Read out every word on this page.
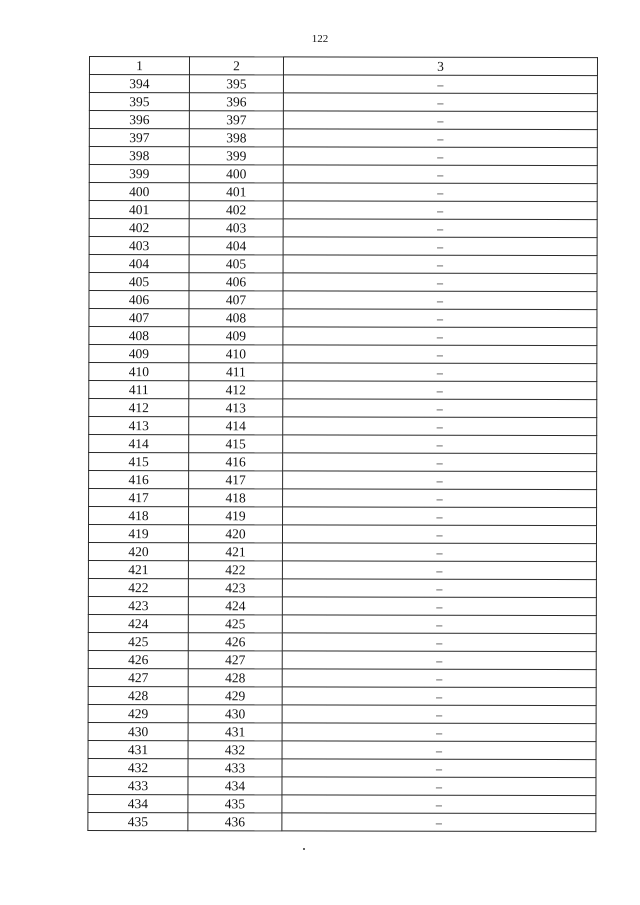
122
1	2	3
394	395	–
395	396	–
396	397	–
397	398	–
398	399	–
399	400	–
400	401	–
401	402	–
402	403	–
403	404	–
404	405	–
405	406	–
406	407	–
407	408	–
408	409	–
409	410	–
410	411	–
411	412	–
412	413	–
413	414	–
414	415	–
415	416	–
416	417	–
417	418	–
418	419	–
419	420	–
420	421	–
421	422	–
422	423	–
423	424	–
424	425	–
425	426	–
426	427	–
427	428	–
428	429	–
429	430	–
430	431	–
431	432	–
432	433	–
433	434	–
434	435	–
435	436	–
